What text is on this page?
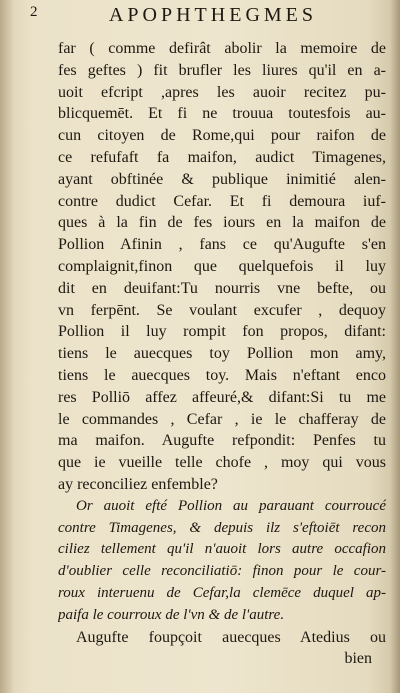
2	APOPHTHEGMES
far ( comme defirât abolir la memoire de
fes geftes ) fit brufler les liures qu'il en a-
uoit efcript ,apres les auoir recitez pu-
blicquemēt. Et fi ne trouua toutesfois au-
cun citoyen de Rome,qui pour raifon de
ce refufaft fa maifon, audict Timagenes,
ayant obftinée & publique inimitié alen-
contre dudict Cefar. Et fi demoura iuf-
ques à la fin de fes iours en la maifon de
Pollion Afinin , fans ce qu'Augufte s'en
complaignit,finon que quelquefois il luy
dit en deuifant:Tu nourris vne befte, ou
vn ferpēnt. Se voulant excufer , dequoy
Pollion il luy rompit fon propos, difant:
tiens le auecques toy Pollion mon amy,
tiens le auecques toy. Mais n'eftant enco
res Polliō affez affeuré,& difant:Si tu me
le commandes , Cefar , ie le chafferay de
ma maifon. Augufte refpondit: Penfes tu
que ie vueille telle chofe , moy qui vous
ay reconciliez enfemble?
Or auoit efté Pollion au parauant courroucé
contre Timagenes, & depuis ilz s'eftoiēt recon
ciliez tellement qu'il n'auoit lors autre occafion
d'oublier celle reconciliatiō: finon pour le cour-
roux interuenu de Cefar,la clemēce duquel ap-
paifa le courroux de l'vn & de l'autre.
Augufte foupçoit auecques Atedius ou
bien
